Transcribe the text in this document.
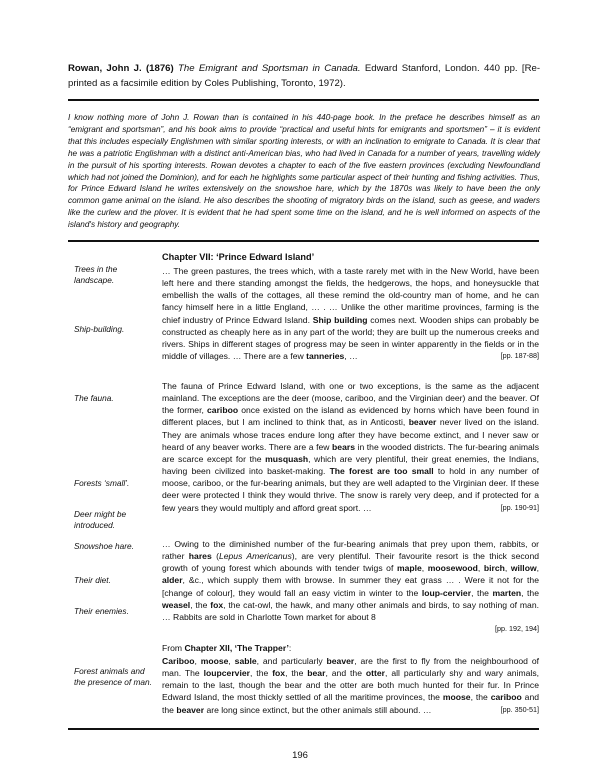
Rowan, John J. (1876) The Emigrant and Sportsman in Canada. Edward Stanford, London. 440 pp. [Re-printed as a facsimile edition by Coles Publishing, Toronto, 1972).
I know nothing more of John J. Rowan than is contained in his 440-page book. In the preface he describes himself as an “emigrant and sportsman”, and his book aims to provide “practical and useful hints for emigrants and sportsmen” – it is evident that this includes especially Englishmen with similar sporting interests, or with an inclination to emigrate to Canada. It is clear that he was a patriotic Englishman with a distinct anti-American bias, who had lived in Canada for a number of years, travelling widely in the pursuit of his sporting interests. Rowan devotes a chapter to each of the five eastern provinces (excluding Newfoundland which had not joined the Dominion), and for each he highlights some particular aspect of their hunting and fishing activities. Thus, for Prince Edward Island he writes extensively on the snowshoe hare, which by the 1870s was likely to have been the only common game animal on the island. He also describes the shooting of migratory birds on the island, such as geese, and waders like the curlew and the plover. It is evident that he had spent some time on the island, and he is well informed on aspects of the island's history and geography.
Chapter VII: ‘Prince Edward Island’
… The green pastures, the trees which, with a taste rarely met with in the New World, have been left here and there standing amongst the fields, the hedgerows, the hops, and honeysuckle that embellish the walls of the cottages, all these remind the old-country man of home, and he can fancy himself here in a little England, … . … Unlike the other maritime provinces, farming is the chief industry of Prince Edward Island. Ship building comes next. Wooden ships can probably be constructed as cheaply here as in any part of the world; they are built up the numerous creeks and rivers. Ships in different stages of progress may be seen in winter apparently in the fields or in the middle of villages. … There are a few tanneries, …	[pp. 187-88]
The fauna of Prince Edward Island, with one or two exceptions, is the same as the adjacent mainland. The exceptions are the deer (moose, cariboo, and the Virginian deer) and the beaver. Of the former, cariboo once existed on the island as evidenced by horns which have been found in different places, but I am inclined to think that, as in Anticosti, beaver never lived on the island. They are animals whose traces endure long after they have become extinct, and I never saw or heard of any beaver works. There are a few bears in the wooded districts. The fur-bearing animals are scarce except for the musquash, which are very plentiful, their great enemies, the Indians, having been civilized into basket-making. The forest are too small to hold in any number of moose, cariboo, or the fur-bearing animals, but they are well adapted to the Virginian deer. If these deer were protected I think they would thrive. The snow is rarely very deep, and if protected for a few years they would multiply and afford great sport. …	[pp. 190-91]
… Owing to the diminished number of the fur-bearing animals that prey upon them, rabbits, or rather hares (Lepus Americanus), are very plentiful. Their favourite resort is the thick second growth of young forest which abounds with tender twigs of maple, moosewood, birch, willow, alder, &c., which supply them with browse. In summer they eat grass … . Were it not for the [change of colour], they would fall an easy victim in winter to the loup-cervier, the marten, the weasel, the fox, the cat-owl, the hawk, and many other animals and birds, to say nothing of man. … Rabbits are sold in Charlotte Town market for about 8
[pp. 192, 194]
From Chapter XII, ‘The Trapper’:
Cariboo, moose, sable, and particularly beaver, are the first to fly from the neighbourhood of man. The loupcervier, the fox, the bear, and the otter, all particularly shy and wary animals, remain to the last, though the bear and the otter are both much hunted for their fur. In Prince Edward Island, the most thickly settled of all the maritime provinces, the moose, the cariboo and the beaver are long since extinct, but the other animals still abound. …	[pp. 350-51]
Trees in the landscape.
Ship-building.
The fauna.
Forests ‘small’.
Deer might be introduced.
Snowshoe hare.
Their diet.
Their enemies.
Forest animals and the presence of man.
196
